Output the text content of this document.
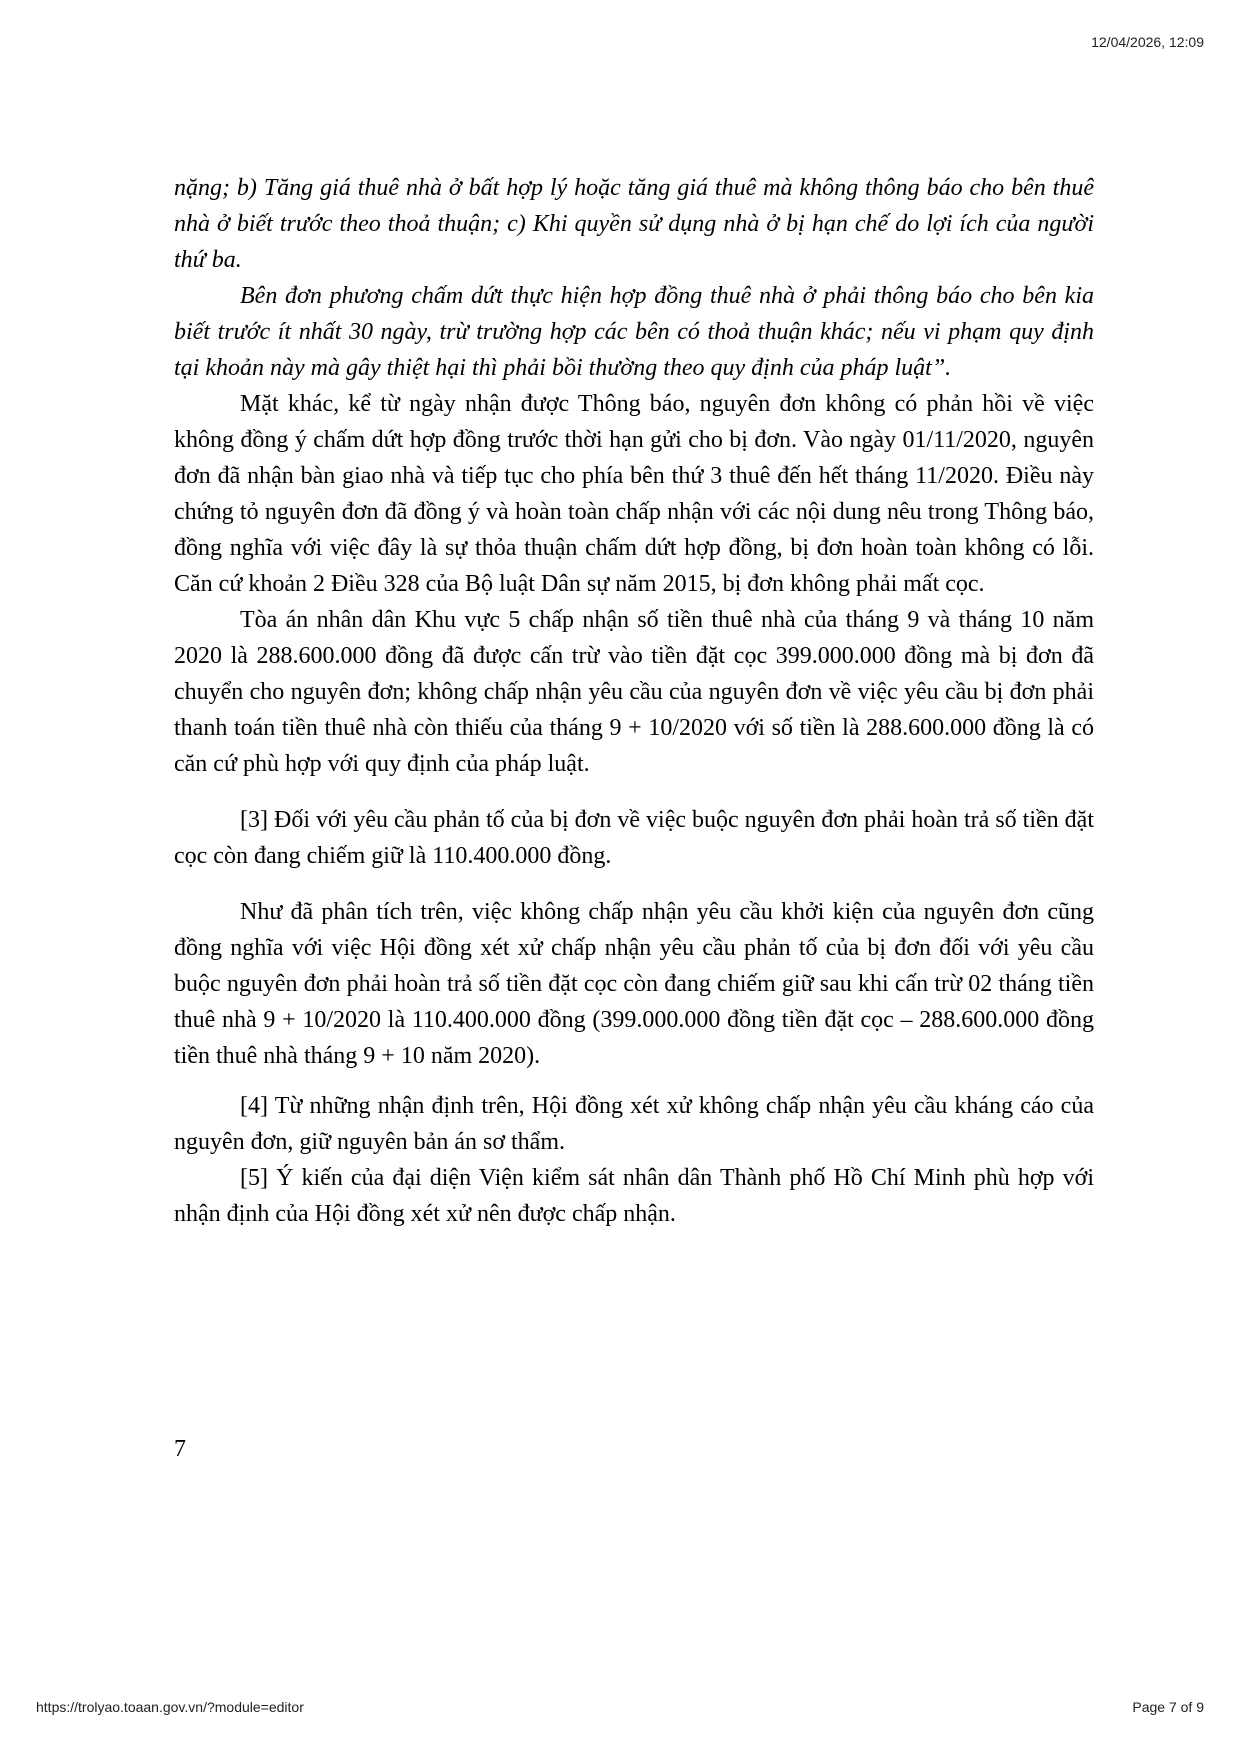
12/04/2026, 12:09

nặng; b) Tăng giá thuê nhà ở bất hợp lý hoặc tăng giá thuê mà không thông báo cho bên thuê nhà ở biết trước theo thoả thuận; c) Khi quyền sử dụng nhà ở bị hạn chế do lợi ích của người thứ ba.

Bên đơn phương chấm dứt thực hiện hợp đồng thuê nhà ở phải thông báo cho bên kia biết trước ít nhất 30 ngày, trừ trường hợp các bên có thoả thuận khác; nếu vi phạm quy định tại khoản này mà gây thiệt hại thì phải bồi thường theo quy định của pháp luật”.

Mặt khác, kể từ ngày nhận được Thông báo, nguyên đơn không có phản hồi về việc không đồng ý chấm dứt hợp đồng trước thời hạn gửi cho bị đơn. Vào ngày 01/11/2020, nguyên đơn đã nhận bàn giao nhà và tiếp tục cho phía bên thứ 3 thuê đến hết tháng 11/2020. Điều này chứng tỏ nguyên đơn đã đồng ý và hoàn toàn chấp nhận với các nội dung nêu trong Thông báo, đồng nghĩa với việc đây là sự thỏa thuận chấm dứt hợp đồng, bị đơn hoàn toàn không có lỗi. Căn cứ khoản 2 Điều 328 của Bộ luật Dân sự năm 2015, bị đơn không phải mất cọc.

Tòa án nhân dân Khu vực 5 chấp nhận số tiền thuê nhà của tháng 9 và tháng 10 năm 2020 là 288.600.000 đồng đã được cấn trừ vào tiền đặt cọc 399.000.000 đồng mà bị đơn đã chuyển cho nguyên đơn; không chấp nhận yêu cầu của nguyên đơn về việc yêu cầu bị đơn phải thanh toán tiền thuê nhà còn thiếu của tháng 9 + 10/2020 với số tiền là 288.600.000 đồng là có căn cứ phù hợp với quy định của pháp luật.

[3] Đối với yêu cầu phản tố của bị đơn về việc buộc nguyên đơn phải hoàn trả số tiền đặt cọc còn đang chiếm giữ là 110.400.000 đồng.

Như đã phân tích trên, việc không chấp nhận yêu cầu khởi kiện của nguyên đơn cũng đồng nghĩa với việc Hội đồng xét xử chấp nhận yêu cầu phản tố của bị đơn đối với yêu cầu buộc nguyên đơn phải hoàn trả số tiền đặt cọc còn đang chiếm giữ sau khi cấn trừ 02 tháng tiền thuê nhà 9 + 10/2020 là 110.400.000 đồng (399.000.000 đồng tiền đặt cọc – 288.600.000 đồng tiền thuê nhà tháng 9 + 10 năm 2020).

[4] Từ những nhận định trên, Hội đồng xét xử không chấp nhận yêu cầu kháng cáo của nguyên đơn, giữ nguyên bản án sơ thẩm.

[5] Ý kiến của đại diện Viện kiểm sát nhân dân Thành phố Hồ Chí Minh phù hợp với nhận định của Hội đồng xét xử nên được chấp nhận.

7
https://trolyao.toaan.gov.vn/?module=editor	Page 7 of 9
